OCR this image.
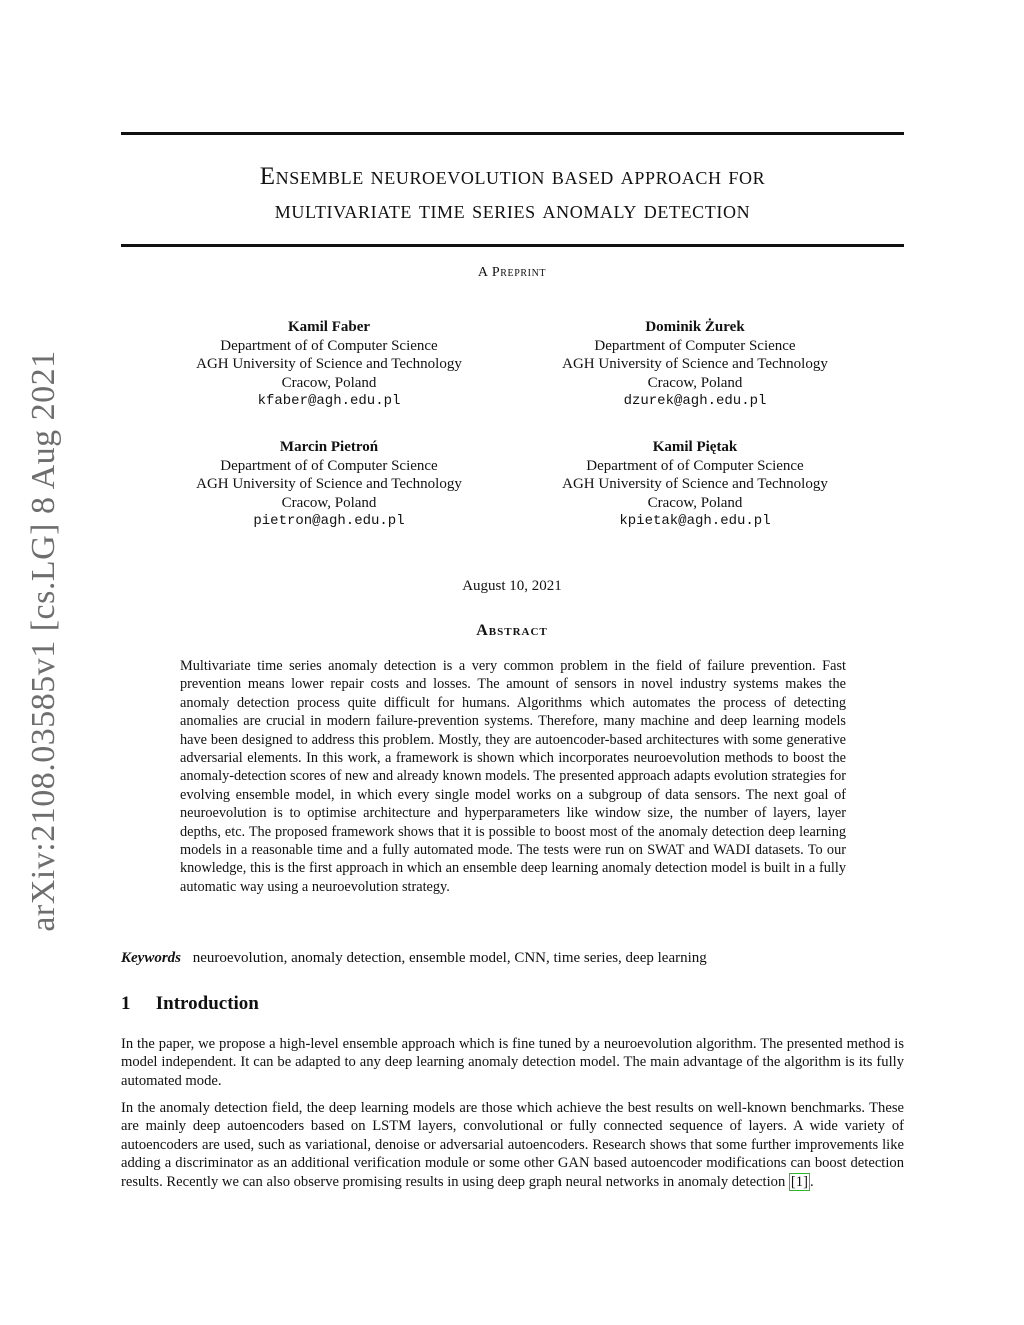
arXiv:2108.03585v1 [cs.LG] 8 Aug 2021
Ensemble neuroevolution based approach for
multivariate time series anomaly detection
A Preprint
Kamil Faber
Department of of Computer Science
AGH University of Science and Technology
Cracow, Poland
kfaber@agh.edu.pl
Dominik Żurek
Department of Computer Science
AGH University of Science and Technology
Cracow, Poland
dzurek@agh.edu.pl
Marcin Pietroń
Department of of Computer Science
AGH University of Science and Technology
Cracow, Poland
pietron@agh.edu.pl
Kamil Piętak
Department of of Computer Science
AGH University of Science and Technology
Cracow, Poland
kpietak@agh.edu.pl
August 10, 2021
Abstract

Multivariate time series anomaly detection is a very common problem in the field of failure prevention. Fast prevention means lower repair costs and losses. The amount of sensors in novel industry systems makes the anomaly detection process quite difficult for humans. Algorithms which automates the process of detecting anomalies are crucial in modern failure-prevention systems. Therefore, many machine and deep learning models have been designed to address this problem. Mostly, they are autoencoder-based architectures with some generative adversarial elements. In this work, a framework is shown which incorporates neuroevolution methods to boost the anomaly-detection scores of new and already known models. The presented approach adapts evolution strategies for evolving ensemble model, in which every single model works on a subgroup of data sensors. The next goal of neuroevolution is to optimise architecture and hyperparameters like window size, the number of layers, layer depths, etc. The proposed framework shows that it is possible to boost most of the anomaly detection deep learning models in a reasonable time and a fully automated mode. The tests were run on SWAT and WADI datasets. To our knowledge, this is the first approach in which an ensemble deep learning anomaly detection model is built in a fully automatic way using a neuroevolution strategy.

Keywords neuroevolution, anomaly detection, ensemble model, CNN, time series, deep learning
1 Introduction

In the paper, we propose a high-level ensemble approach which is fine tuned by a neuroevolution algorithm. The presented method is model independent. It can be adapted to any deep learning anomaly detection model. The main advantage of the algorithm is its fully automated mode.

In the anomaly detection field, the deep learning models are those which achieve the best results on well-known benchmarks. These are mainly deep autoencoders based on LSTM layers, convolutional or fully connected sequence of layers. A wide variety of autoencoders are used, such as variational, denoise or adversarial autoencoders. Research shows that some further improvements like adding a discriminator as an additional verification module or some other GAN based autoencoder modifications can boost detection results. Recently we can also observe promising results in using deep graph neural networks in anomaly detection [1] .
